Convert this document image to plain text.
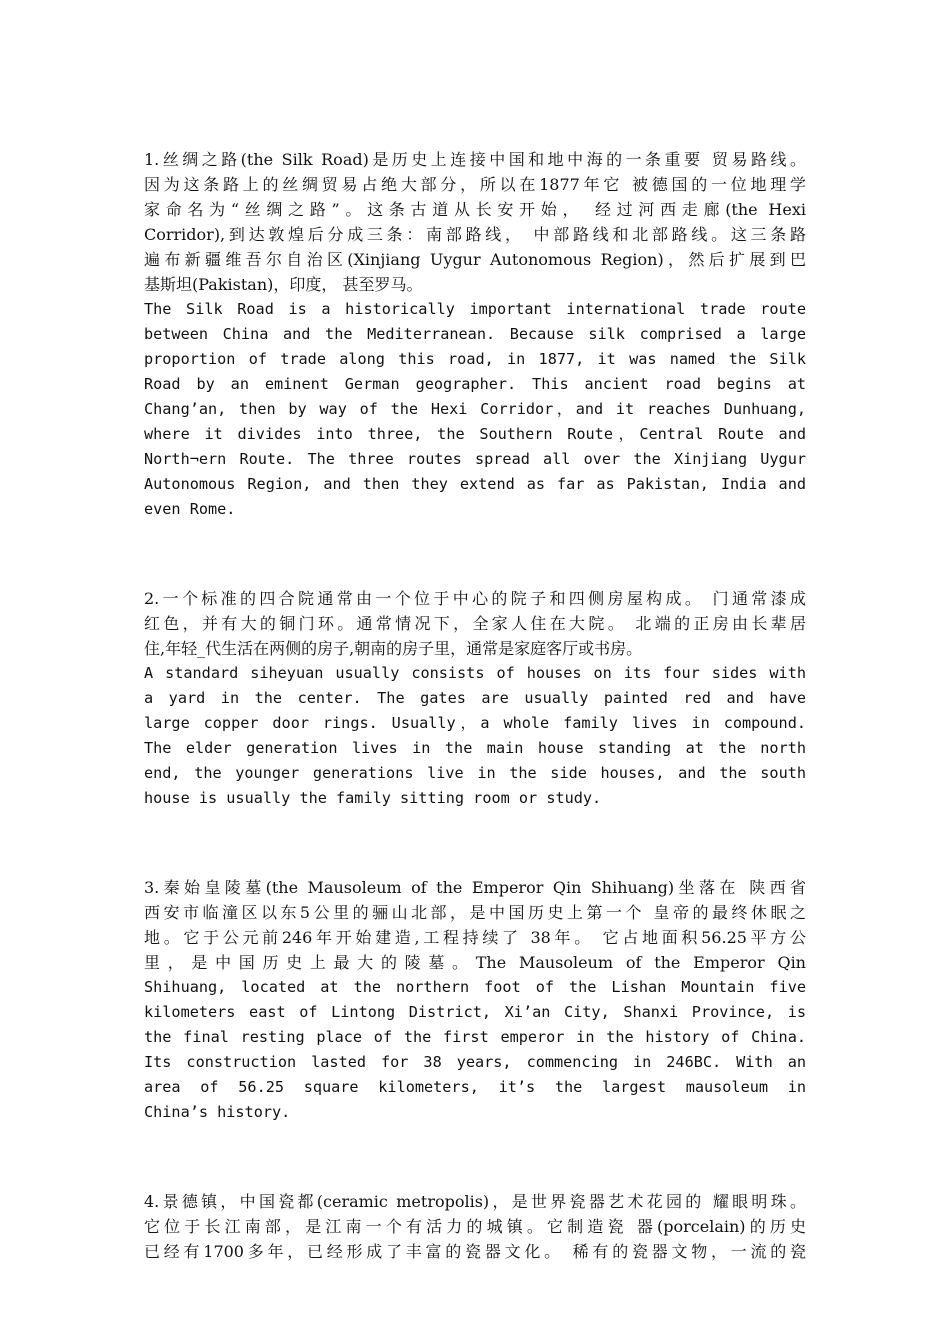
1.丝绸之路(the Silk Road)是历史上连接中国和地中海的一条重要 贸易路线。
因为这条路上的丝绸贸易占绝大部分，所以在1877年它 被德国的一位地理学
家命名为“丝绸之路”。这条古道从长安开始， 经过河西走廊(the Hexi
Corridor),到达敦煌后分成三条：南部路线， 中部路线和北部路线。这三条路
遍布新疆维吾尔自治区(Xinjiang Uygur Autonomous Region)，然后扩展到巴
基斯坦(Pakistan)，印度， 甚至罗马。
The Silk Road is a historically important international trade route
between China and the Mediterranean. Because silk comprised a large
proportion of trade along this road, in 1877, it was named the Silk
Road by an eminent German geographer. This ancient road begins at
Chang’an, then by way of the Hexi Corridor，and it reaches Dunhuang,
where it divides into three, the Southern Route，Central Route and
North¬ern Route. The three routes spread all over the Xinjiang Uygur
Autonomous Region, and then they extend as far as Pakistan, India and
even Rome.
2.一个标准的四合院通常由一个位于中心的院子和四侧房屋构成。 门通常漆成
红色，并有大的铜门环。通常情况下，全家人住在大院。 北端的正房由长辈居
住,年轻_代生活在两侧的房子,朝南的房子里，通常是家庭客厅或书房。
A standard siheyuan usually consists of houses on its four sides with
a yard in the center. The gates are usually painted red and have
large copper door rings. Usually，a whole family lives in compound.
The elder generation lives in the main house standing at the north
end, the younger generations live in the side houses, and the south
house is usually the family sitting room or study.
3.秦始皇陵墓(the Mausoleum of the Emperor Qin Shihuang)坐落在 陕西省
西安市临潼区以东5公里的骊山北部，是中国历史上第一个 皇帝的最终休眠之
地。它于公元前246年开始建造,工程持续了 38年。 它占地面积56.25平方公
里，是中国历史上最大的陵墓。The Mausoleum of the Emperor Qin
Shihuang, located at the northern foot of the Lishan Mountain five
kilometers east of Lintong District, Xi’an City, Shanxi Province, is
the final resting place of the first emperor in the history of China.
Its construction lasted for 38 years, commencing in 246BC. With an
area of 56.25 square kilometers, it’s the largest mausoleum in
China’s history.
4.景德镇，中国瓷都(ceramic metropolis)，是世界瓷器艺术花园的 耀眼明珠。
它位于长江南部，是江南一个有活力的城镇。它制造瓷 器(porcelain)的历史
已经有1700多年，已经形成了丰富的瓷器文化。 稀有的瓷器文物，一流的瓷
